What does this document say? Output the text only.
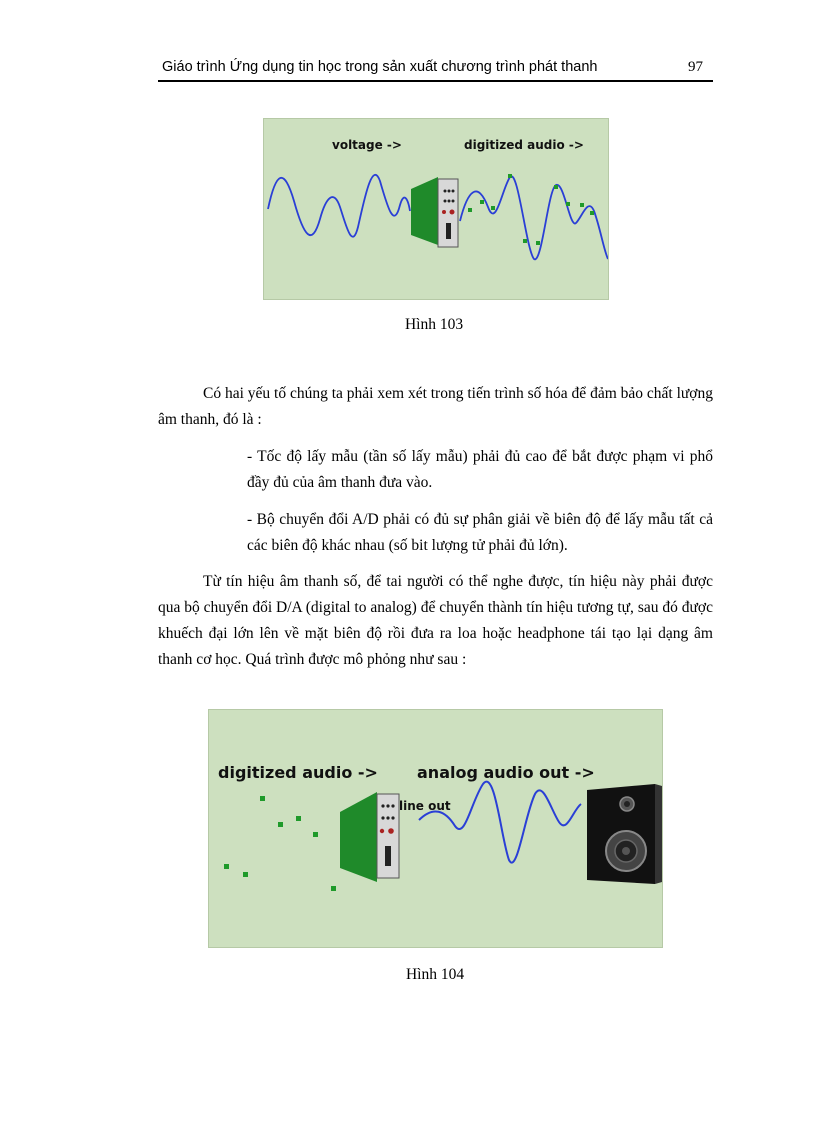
Giáo trình Ứng dụng tin học trong sản xuất chương trình phát thanh	97
voltage ->	digitized audio ->
Hình 103
Có hai yếu tố chúng ta phải xem xét trong tiến trình số hóa để đảm bảo chất lượng âm thanh, đó là :
- Tốc độ lấy mẫu (tần số lấy mẫu) phải đủ cao để bắt được phạm vi phổ đầy đủ của âm thanh đưa vào.
- Bộ chuyển đổi A/D phải có đủ sự phân giải về biên độ để lấy mẫu tất cả các biên độ khác nhau (số bit lượng tử phải đủ lớn).
Từ tín hiệu âm thanh số, để tai người có thể nghe được, tín hiệu này phải được qua bộ chuyển đổi D/A (digital to analog) để chuyển thành tín hiệu tương tự, sau đó được khuếch đại lớn lên về mặt biên độ rồi đưa ra loa hoặc headphone tái tạo lại dạng âm thanh cơ học. Quá trình được mô phỏng như sau :
digitized audio -> analog audio out ->
line out
Hình 104
